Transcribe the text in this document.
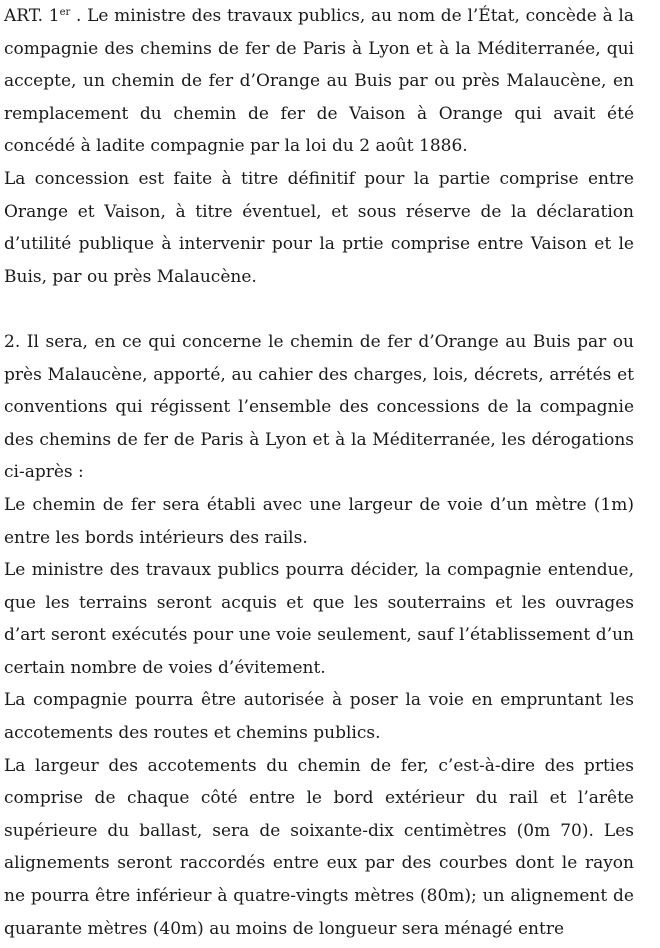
ART. 1er . Le ministre des travaux publics, au nom de l’État, concède à la compagnie des chemins de fer de Paris à Lyon et à la Méditerranée, qui accepte, un chemin de fer d’Orange au Buis par ou près Malaucène, en remplacement du chemin de fer de Vaison à Orange qui avait été concédé à ladite compagnie par la loi du 2 août 1886.

La concession est faite à titre définitif pour la partie comprise entre Orange et Vaison, à titre éventuel, et sous réserve de la déclaration d’utilité publique à intervenir pour la prtie comprise entre Vaison et le Buis, par ou près Malaucène.

2. Il sera, en ce qui concerne le chemin de fer d’Orange au Buis par ou près Malaucène, apporté, au cahier des charges, lois, décrets, arrétés et conventions qui régissent l’ensemble des concessions de la compagnie des chemins de fer de Paris à Lyon et à la Méditerranée, les dérogations ci-après :

Le chemin de fer sera établi avec une largeur de voie d’un mètre (1m) entre les bords intérieurs des rails.

Le ministre des travaux publics pourra décider, la compagnie entendue, que les terrains seront acquis et que les souterrains et les ouvrages d’art seront exécutés pour une voie seulement, sauf l’établissement d’un certain nombre de voies d’évitement.

La compagnie pourra être autorisée à poser la voie en empruntant les accotements des routes et chemins publics.

La largeur des accotements du chemin de fer, c’est-à-dire des prties comprise de chaque côté entre le bord extérieur du rail et l’arête supérieure du ballast, sera de soixante-dix centimètres (0m 70). Les alignements seront raccordés entre eux par des courbes dont le rayon ne pourra être inférieur à quatre-vingts mètres (80m); un alignement de quarante mètres (40m) au moins de longueur sera ménagé entre
